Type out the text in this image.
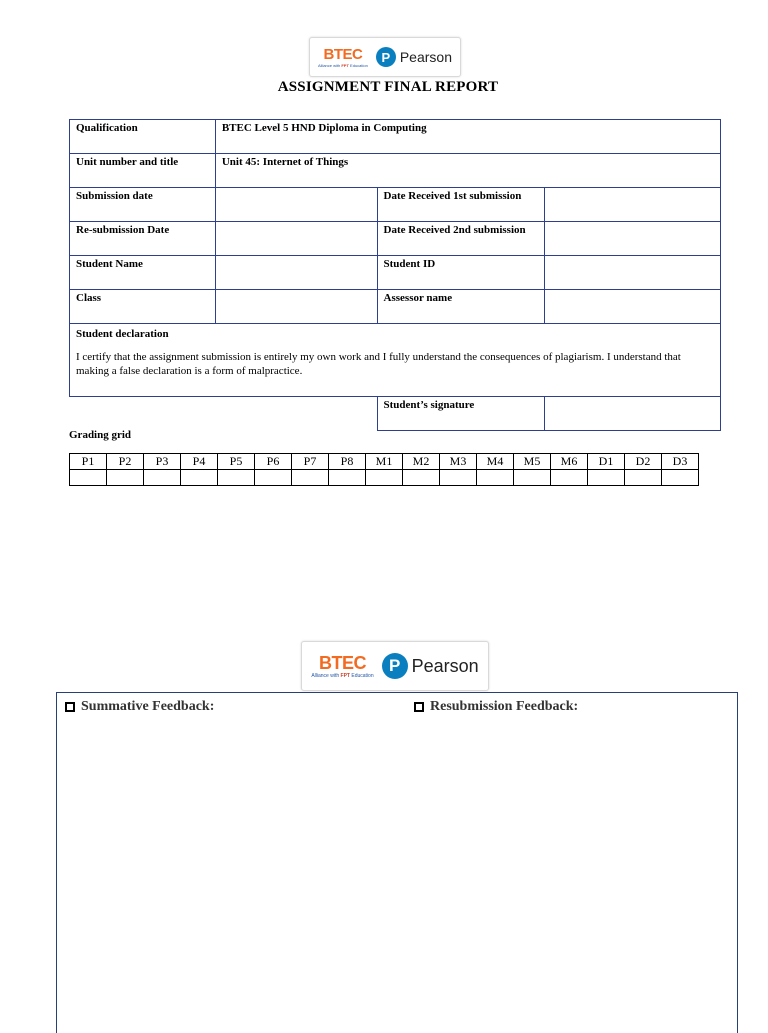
BTEC
Alliance with FPT Education
P Pearson
ASSIGNMENT FINAL REPORT
Qualification	BTEC Level 5 HND Diploma in Computing		
Unit number and title	Unit 45: Internet of Things		
Submission date		Date Received 1st submission	
Re-submission Date		Date Received 2nd submission	
Student Name		Student ID	
Class		Assessor name	

Student declaration
I certify that the assignment submission is entirely my own work and I fully understand the consequences of plagiarism. I understand that making a false declaration is a form of malpractice.			

		Student’s signature	
Grading grid
P1	P2	P3	P4	P5	P6	P7	P8	M1	M2	M3	M4	M5	M6	D1	D2	D3

BTEC
Alliance with FPT Education
P Pearson
Summative Feedback:	Resubmission Feedback:
